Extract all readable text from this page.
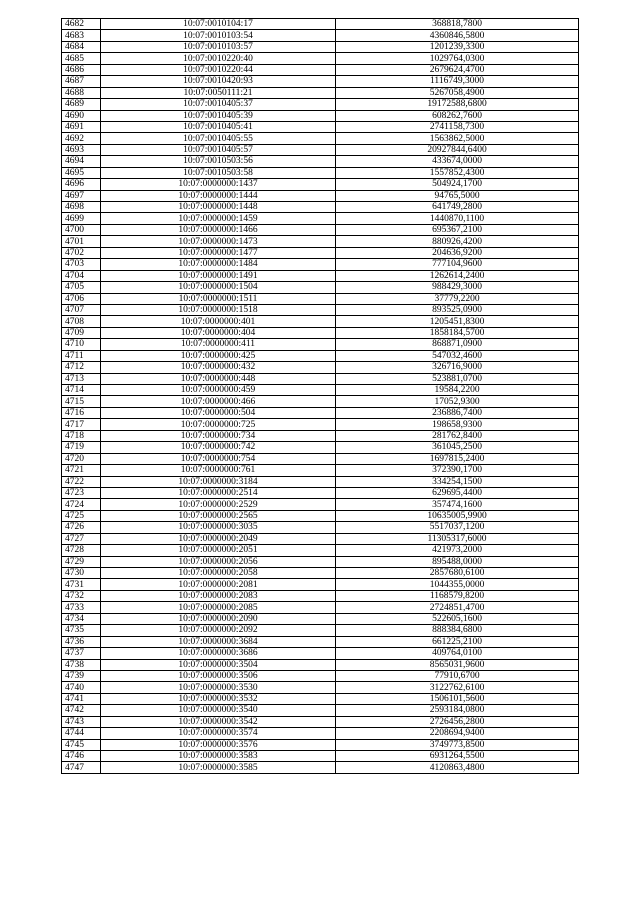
4682	10:07:0010104:17	368818,7800
4683	10:07:0010103:54	4360846,5800
4684	10:07:0010103:57	1201239,3300
4685	10:07:0010220:40	1029764,0300
4686	10:07:0010220:44	2679624,4700
4687	10:07:0010420:93	1116749,3000
4688	10:07:0050111:21	5267058,4900
4689	10:07:0010405:37	19172588,6800
4690	10:07:0010405:39	608262,7600
4691	10:07:0010405:41	2741158,7300
4692	10:07:0010405:55	1563862,5000
4693	10:07:0010405:57	20927844,6400
4694	10:07:0010503:56	433674,0000
4695	10:07:0010503:58	1557852,4300
4696	10:07:0000000:1437	504924,1700
4697	10:07:0000000:1444	94765,5000
4698	10:07:0000000:1448	641749,2800
4699	10:07:0000000:1459	1440870,1100
4700	10:07:0000000:1466	695367,2100
4701	10:07:0000000:1473	880926,4200
4702	10:07:0000000:1477	204636,9200
4703	10:07:0000000:1484	777104,9600
4704	10:07:0000000:1491	1262614,2400
4705	10:07:0000000:1504	988429,3000
4706	10:07:0000000:1511	37779,2200
4707	10:07:0000000:1518	893525,0900
4708	10:07:0000000:401	1205451,8300
4709	10:07:0000000:404	1858184,5700
4710	10:07:0000000:411	868871,0900
4711	10:07:0000000:425	547032,4600
4712	10:07:0000000:432	326716,9000
4713	10:07:0000000:448	523881,0700
4714	10:07:0000000:459	19584,2200
4715	10:07:0000000:466	17052,9300
4716	10:07:0000000:504	236886,7400
4717	10:07:0000000:725	198658,9300
4718	10:07:0000000:734	281762,8400
4719	10:07:0000000:742	361045,2500
4720	10:07:0000000:754	1697815,2400
4721	10:07:0000000:761	372390,1700
4722	10:07:0000000:3184	334254,1500
4723	10:07:0000000:2514	629695,4400
4724	10:07:0000000:2529	357474,1600
4725	10:07:0000000:2565	10635005,9900
4726	10:07:0000000:3035	5517037,1200
4727	10:07:0000000:2049	11305317,6000
4728	10:07:0000000:2051	421973,2000
4729	10:07:0000000:2056	895488,0000
4730	10:07:0000000:2058	2857680,6100
4731	10:07:0000000:2081	1044355,0000
4732	10:07:0000000:2083	1168579,8200
4733	10:07:0000000:2085	2724851,4700
4734	10:07:0000000:2090	522605,1600
4735	10:07:0000000:2092	888384,6800
4736	10:07:0000000:3684	661225,2100
4737	10:07:0000000:3686	409764,0100
4738	10:07:0000000:3504	8565031,9600
4739	10:07:0000000:3506	77910,6700
4740	10:07:0000000:3530	3122762,6100
4741	10:07:0000000:3532	1506101,5600
4742	10:07:0000000:3540	2593184,0800
4743	10:07:0000000:3542	2726456,2800
4744	10:07:0000000:3574	2208694,9400
4745	10:07:0000000:3576	3749773,8500
4746	10:07:0000000:3583	6931264,5500
4747	10:07:0000000:3585	4120863,4800
